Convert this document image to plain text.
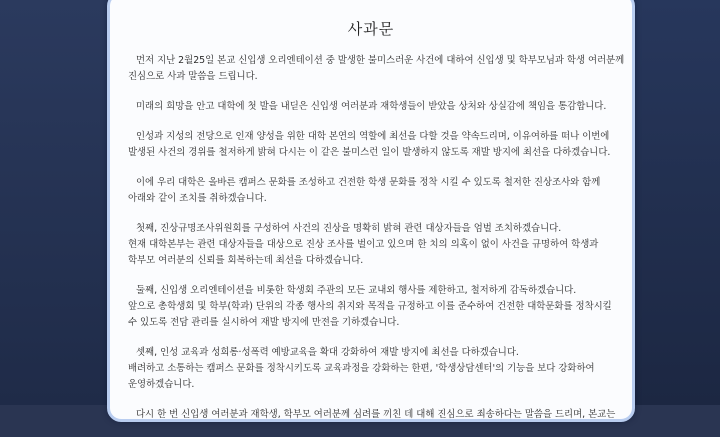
사과문
먼저 지난 2월25일 본교 신입생 오리엔테이션 중 발생한 불미스러운 사건에 대하여 신입생 및 학부모님과 학생 여러분께
진심으로 사과 말씀을 드립니다.
미래의 희망을 안고 대학에 첫 발을 내딛은 신입생 여러분과 재학생들이 받았을 상처와 상실감에 책임을 통감합니다.
인성과 지성의 전당으로 인재 양성을 위한 대학 본연의 역할에 최선을 다할 것을 약속드리며, 이유여하를 떠나 이번에
발생된 사건의 경위를 철저하게 밝혀 다시는 이 같은 불미스런 일이 발생하지 않도록 재발 방지에 최선을 다하겠습니다.
이에 우리 대학은 올바른 캠퍼스 문화를 조성하고 건전한 학생 문화를 정착 시킬 수 있도록 철저한 진상조사와 함께
아래와 같이 조치를 취하겠습니다.
첫째, 진상규명조사위원회를 구성하여 사건의 진상을 명확히 밝혀 관련 대상자들을 엄벌 조치하겠습니다.
현재 대학본부는 관련 대상자들을 대상으로 진상 조사를 벌이고 있으며 한 치의 의혹이 없이 사건을 규명하여 학생과
학부모 여러분의 신뢰를 회복하는데 최선을 다하겠습니다.
둘째, 신입생 오리엔테이션을 비롯한 학생회 주관의 모든 교내외 행사를 제한하고, 철저하게 감독하겠습니다.
앞으로 총학생회 및 학부(학과) 단위의 각종 행사의 취지와 목적을 규정하고 이를 준수하여 건전한 대학문화를 정착시킬
수 있도록 전담 관리를 실시하여 재발 방지에 만전을 기하겠습니다.
셋째, 인성 교육과 성희롱·성폭력 예방교육을 확대 강화하여 재발 방지에 최선을 다하겠습니다.
배려하고 소통하는 캠퍼스 문화를 정착시키도록 교육과정을 강화하는 한편, '학생상담센터'의 기능을 보다 강화하여
운영하겠습니다.
다시 한 번 신입생 여러분과 재학생, 학부모 여러분께 심려를 끼친 데 대해 진심으로 죄송하다는 말씀을 드리며, 본교는
